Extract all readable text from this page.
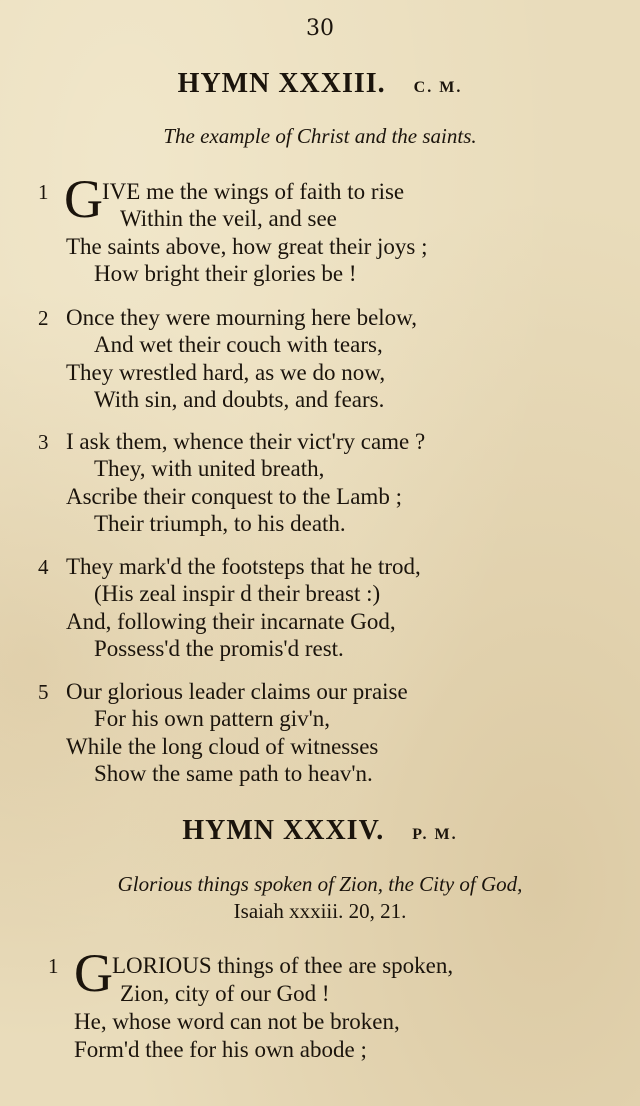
30
HYMN XXXIII. C. M.
The example of Christ and the saints.
1 G IVE me the wings of faith to rise
Within the veil, and see
The saints above, how great their joys ;
How bright their glories be !
2 Once they were mourning here below,
And wet their couch with tears,
They wrestled hard, as we do now,
With sin, and doubts, and fears.
3 I ask them, whence their vict'ry came ?
They, with united breath,
Ascribe their conquest to the Lamb ;
Their triumph, to his death.
4 They mark'd the footsteps that he trod,
(His zeal inspir d their breast :)
And, following their incarnate God,
Possess'd the promis'd rest.
5 Our glorious leader claims our praise
For his own pattern giv'n,
While the long cloud of witnesses
Show the same path to heav'n.
HYMN XXXIV. P. M.
Glorious things spoken of Zion, the City of God,
Isaiah xxxiii. 20, 21.
1 G LORIOUS things of thee are spoken,
Zion, city of our God !
He, whose word can not be broken,
Form'd thee for his own abode ;
